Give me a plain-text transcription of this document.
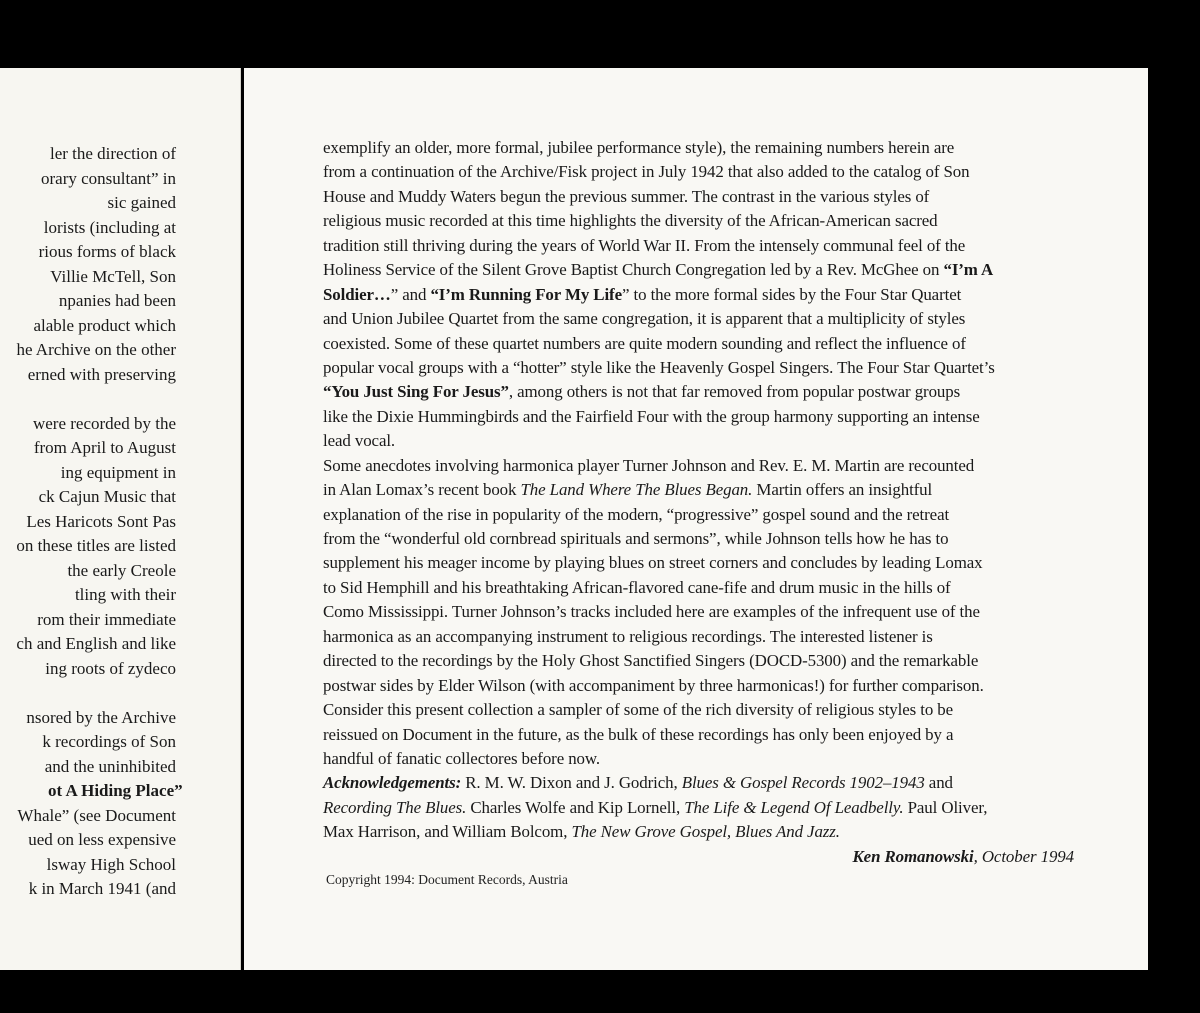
ler the direction of
orary consultant” in
sic gained
lorists (including at
rious forms of black
Villie McTell, Son
npanies had been
alable product which
he Archive on the other
erned with preserving
were recorded by the
from April to August
ing equipment in
ck Cajun Music that
Les Haricots Sont Pas
on these titles are listed
the early Creole
tling with their
rom their immediate
ch and English and like
ing roots of zydeco
nsored by the Archive
k recordings of Son
and the uninhibited
ot A Hiding Place”
Whale” (see Document
ued on less expensive
lsway High School
k in March 1941 (and
exemplify an older, more formal, jubilee performance style), the remaining numbers herein are
from a continuation of the Archive/Fisk project in July 1942 that also added to the catalog of Son
House and Muddy Waters begun the previous summer. The contrast in the various styles of
religious music recorded at this time highlights the diversity of the African-American sacred
tradition still thriving during the years of World War II. From the intensely communal feel of the
Holiness Service of the Silent Grove Baptist Church Congregation led by a Rev. McGhee on “I’m A
Soldier…” and “I’m Running For My Life” to the more formal sides by the Four Star Quartet
and Union Jubilee Quartet from the same congregation, it is apparent that a multiplicity of styles
coexisted. Some of these quartet numbers are quite modern sounding and reflect the influence of
popular vocal groups with a “hotter” style like the Heavenly Gospel Singers. The Four Star Quartet’s
“You Just Sing For Jesus”, among others is not that far removed from popular postwar groups
like the Dixie Hummingbirds and the Fairfield Four with the group harmony supporting an intense
lead vocal.
Some anecdotes involving harmonica player Turner Johnson and Rev. E. M. Martin are recounted
in Alan Lomax’s recent book The Land Where The Blues Began. Martin offers an insightful
explanation of the rise in popularity of the modern, “progressive” gospel sound and the retreat
from the “wonderful old cornbread spirituals and sermons”, while Johnson tells how he has to
supplement his meager income by playing blues on street corners and concludes by leading Lomax
to Sid Hemphill and his breathtaking African-flavored cane-fife and drum music in the hills of
Como Mississippi. Turner Johnson’s tracks included here are examples of the infrequent use of the
harmonica as an accompanying instrument to religious recordings. The interested listener is
directed to the recordings by the Holy Ghost Sanctified Singers (DOCD-5300) and the remarkable
postwar sides by Elder Wilson (with accompaniment by three harmonicas!) for further comparison.
Consider this present collection a sampler of some of the rich diversity of religious styles to be
reissued on Document in the future, as the bulk of these recordings has only been enjoyed by a
handful of fanatic collectores before now.
Acknowledgements: R. M. W. Dixon and J. Godrich, Blues & Gospel Records 1902–1943 and
Recording The Blues. Charles Wolfe and Kip Lornell, The Life & Legend Of Leadbelly. Paul Oliver,
Max Harrison, and William Bolcom, The New Grove Gospel, Blues And Jazz.
Ken Romanowski, October 1994
Copyright 1994: Document Records, Austria
